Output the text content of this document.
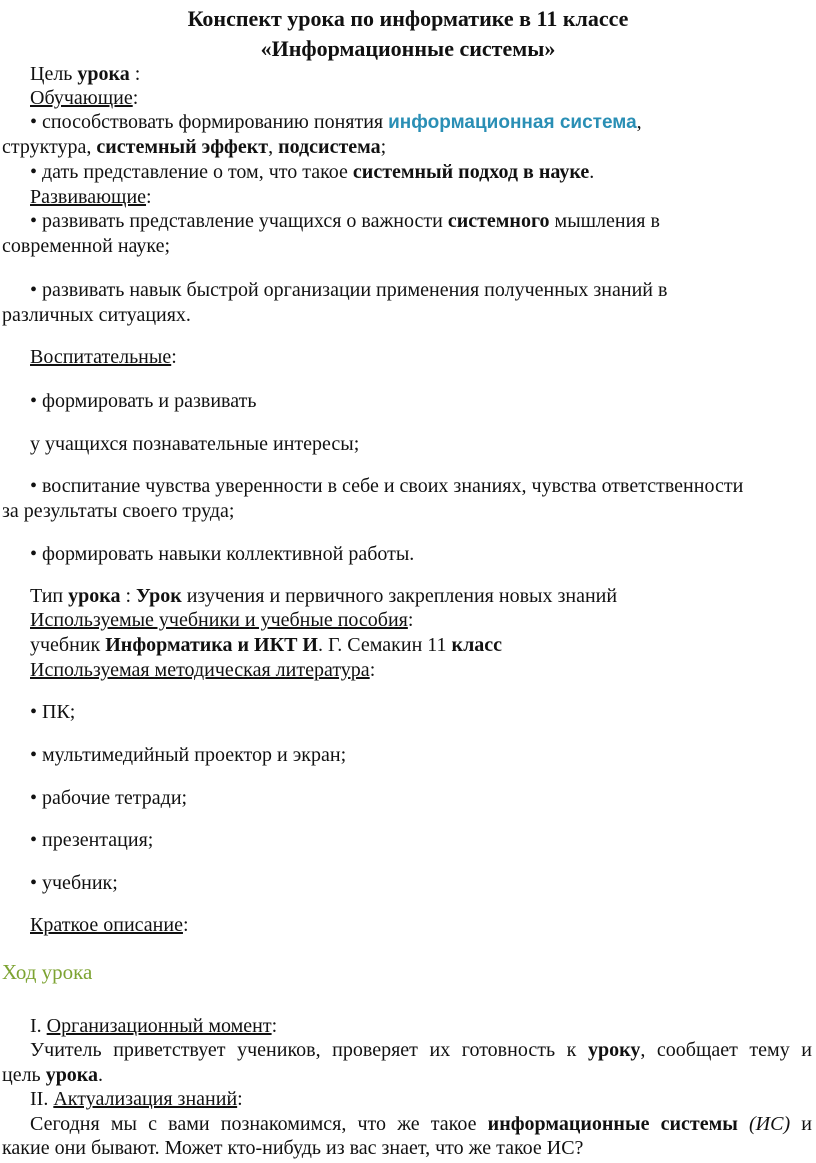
Конспект урока по информатике в 11 классе
«Информационные системы»
Цель урока :
Обучающие:
• способствовать формированию понятия информационная система,
структура, системный эффект, подсистема;
• дать представление о том, что такое системный подход в науке.
Развивающие:
• развивать представление учащихся о важности системного мышления в
современной науке;
• развивать навык быстрой организации применения полученных знаний в
различных ситуациях.
Воспитательные:
• формировать и развивать
у учащихся познавательные интересы;
• воспитание чувства уверенности в себе и своих знаниях, чувства ответственности
за результаты своего труда;
• формировать навыки коллективной работы.
Тип урока : Урок изучения и первичного закрепления новых знаний
Используемые учебники и учебные пособия:
учебник Информатика и ИКТ И. Г. Семакин 11 класс
Используемая методическая литература:
• ПК;
• мультимедийный проектор и экран;
• рабочие тетради;
• презентация;
• учебник;
Краткое описание:
Ход урока
I. Организационный момент:
Учитель приветствует учеников, проверяет их готовность к уроку, сообщает тему и
цель урока.
II. Актуализация знаний:
Сегодня мы с вами познакомимся, что же такое информационные системы (ИС) и
какие они бывают. Может кто-нибудь из вас знает, что же такое ИС?
